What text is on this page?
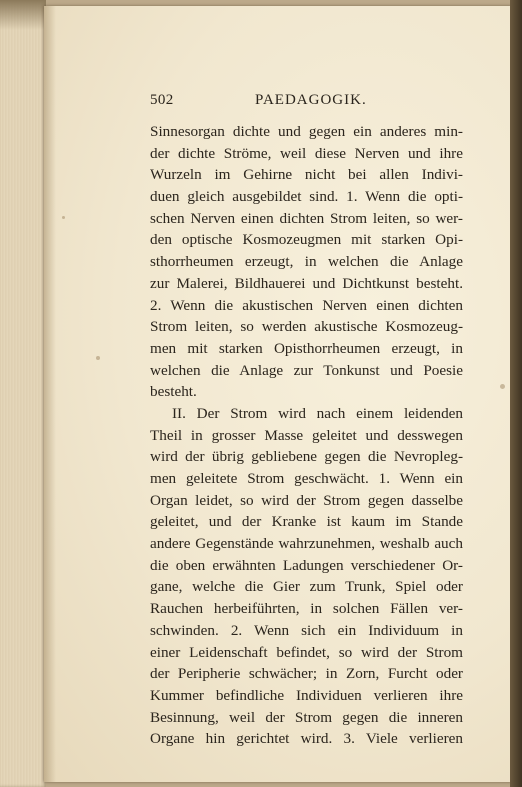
502	PAEDAGOGIK.
Sinnesorgan dichte und gegen ein anderes min-
der dichte Ströme, weil diese Nerven und ihre
Wurzeln im Gehirne nicht bei allen Indivi-
duen gleich ausgebildet sind. 1. Wenn die opti-
schen Nerven einen dichten Strom leiten, so wer-
den optische Kosmozeugmen mit starken Opi-
sthorrheumen erzeugt, in welchen die Anlage
zur Malerei, Bildhauerei und Dichtkunst besteht.
2. Wenn die akustischen Nerven einen dichten
Strom leiten, so werden akustische Kosmozeug-
men mit starken Opisthorrheumen erzeugt, in
welchen die Anlage zur Tonkunst und Poesie
besteht.
II. Der Strom wird nach einem leidenden
Theil in grosser Masse geleitet und desswegen
wird der übrig gebliebene gegen die Nevropleg-
men geleitete Strom geschwächt. 1. Wenn ein
Organ leidet, so wird der Strom gegen dasselbe
geleitet, und der Kranke ist kaum im Stande
andere Gegenstände wahrzunehmen, weshalb auch
die oben erwähnten Ladungen verschiedener Or-
gane, welche die Gier zum Trunk, Spiel oder
Rauchen herbeiführten, in solchen Fällen ver-
schwinden. 2. Wenn sich ein Individuum in
einer Leidenschaft befindet, so wird der Strom
der Peripherie schwächer; in Zorn, Furcht oder
Kummer befindliche Individuen verlieren ihre
Besinnung, weil der Strom gegen die inneren
Organe hin gerichtet wird. 3. Viele verlieren
